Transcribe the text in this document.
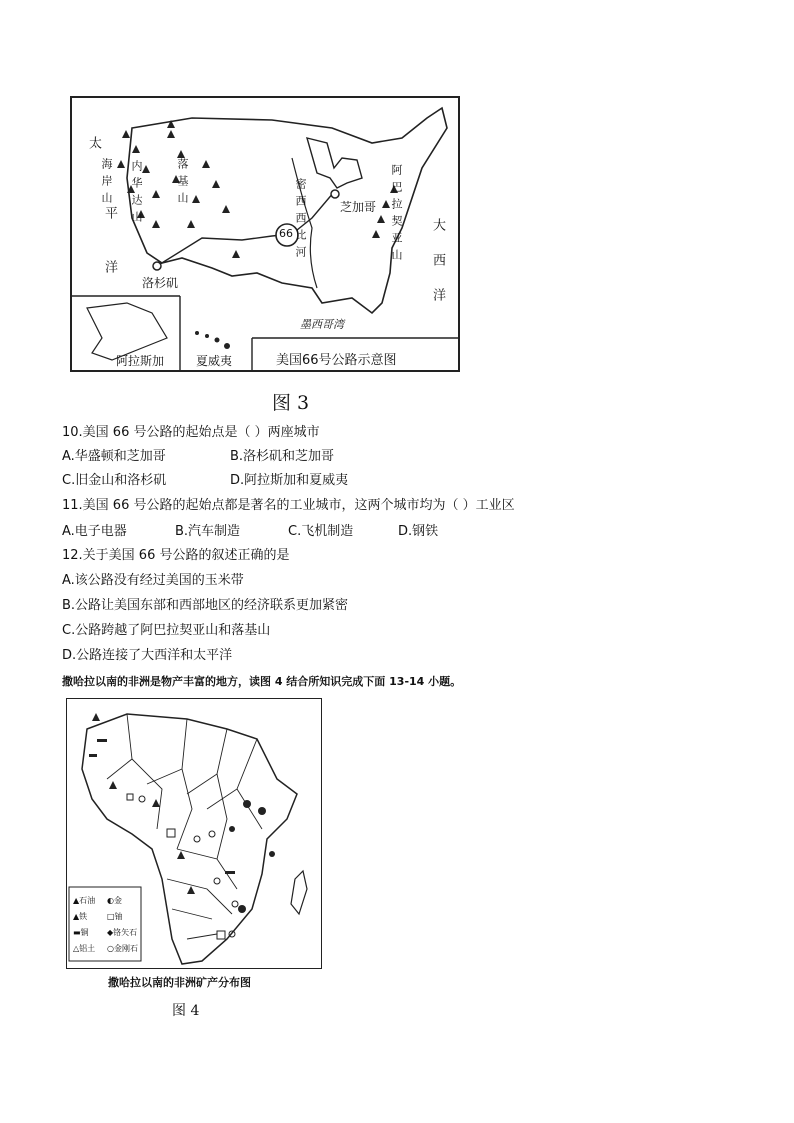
太
平
洋
海岸山 内华达山	落基山	密西西比河	芝加哥 阿巴拉契亚山
大西洋
66
洛杉矶
墨西哥湾
阿拉斯加	夏威夷	美国66号公路示意图
图 3
10.美国 66 号公路的起始点是（ ）两座城市
A.华盛顿和芝加哥	B.洛杉矶和芝加哥
C.旧金山和洛杉矶	D.阿拉斯加和夏威夷
11.美国 66 号公路的起始点都是著名的工业城市，这两个城市均为（ ）工业区
A.电子电器	B.汽车制造	C.飞机制造	D.钢铁
12.关于美国 66 号公路的叙述正确的是
A.该公路没有经过美国的玉米带
B.公路让美国东部和西部地区的经济联系更加紧密
C.公路跨越了阿巴拉契亚山和落基山
D.公路连接了大西洋和太平洋
撒哈拉以南的非洲是物产丰富的地方，读图 4 结合所知识完成下面 13-14 小题。
▲石油 ◐金
▲铁 □铀
▬铜 ◆铬矢石
△铝土 ○金刚石
撒哈拉以南的非洲矿产分布图
图 4
